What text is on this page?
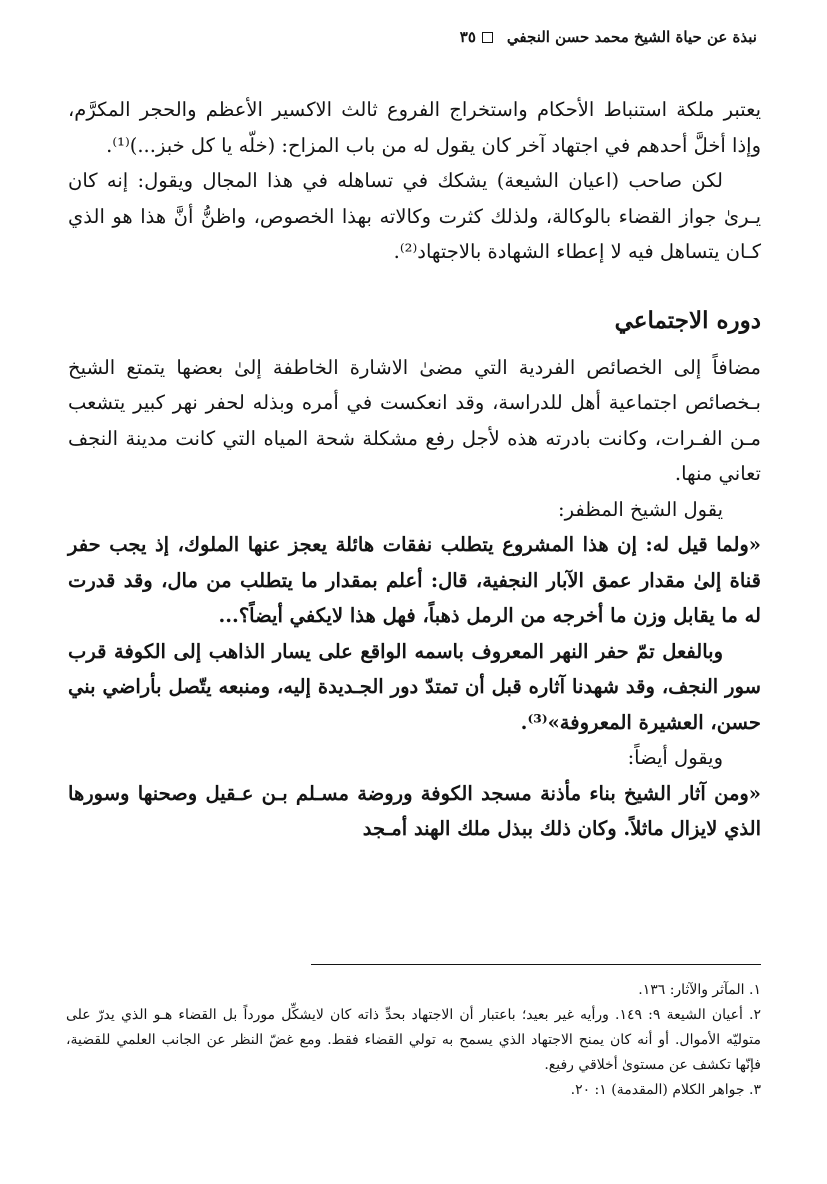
نبذة عن حياة الشيخ محمد حسن النجفي
٣٥

يعتبر ملكة استنباط الأحكام واستخراج الفروع ثالث الاكسير الأعظم والحجر المكرَّم، وإذا أخلَّ أحدهم في اجتهاد آخر كان يقول له من باب المزاح: (خلّه يا كل خبز...)⁽¹⁾.

لكن صاحب (اعيان الشيعة) يشكك في تساهله في هذا المجال ويقول: إنه كان يـرىٰ جواز القضاء بالوكالة، ولذلك كثرت وكالاته بهذا الخصوص، واظنُّ أنَّ هذا هو الذي كـان يتساهل فيه لا إعطاء الشهادة بالاجتهاد⁽²⁾.

دوره الاجتماعي

مضافاً إلى الخصائص الفردية التي مضىٰ الاشارة الخاطفة إلىٰ بعضها يتمتع الشيخ بـخصائص اجتماعية أهل للدراسة، وقد انعكست في أمره وبذله لحفر نهر كبير يتشعب مـن الفـرات، وكانت بادرته هذه لأجل رفع مشكلة شحة المياه التي كانت مدينة النجف تعاني منها.

يقول الشيخ المظفر:

«ولما قيل له: إن هذا المشروع يتطلب نفقات هائلة يعجز عنها الملوك، إذ يجب حفر قناة إلىٰ مقدار عمق الآبار النجفية، قال: أعلم بمقدار ما يتطلب من مال، وقد قدرت له ما يقابل وزن ما أخرجه من الرمل ذهباً، فهل هذا لايكفي أيضاً؟...

وبالفعل تمّ حفر النهر المعروف باسمه الواقع على يسار الذاهب إلى الكوفة قرب سور النجف، وقد شهدنا آثاره قبل أن تمتدّ دور الجـديدة إليه، ومنبعه يتّصل بأراضي بني حسن، العشيرة المعروفة»⁽³⁾.

ويقول أيضاً:

«ومن آثار الشيخ بناء مأذنة مسجد الكوفة وروضة مسـلم بـن عـقيل وصحنها وسورها الذي لايزال ماثلاً. وكان ذلك ببذل ملك الهند أمـجد

١. المآثر والآثار: ١٣٦.

٢. أعيان الشيعة ٩: ١٤٩. ورأيه غير بعيد؛ باعتبار أن الاجتهاد بحدِّ ذاته كان لايشكِّل مورداً بل القضاء هـو الذي يدرّ على متوليّه الأموال. أو أنه كان يمنح الاجتهاد الذي يسمح به تولي القضاء فقط. ومع غضّ النظر عن الجانب العلمي للقضية، فإنّها تكشف عن مستوىٰ أخلاقي رفيع.

٣. جواهر الكلام (المقدمة) ١: ٢٠.
